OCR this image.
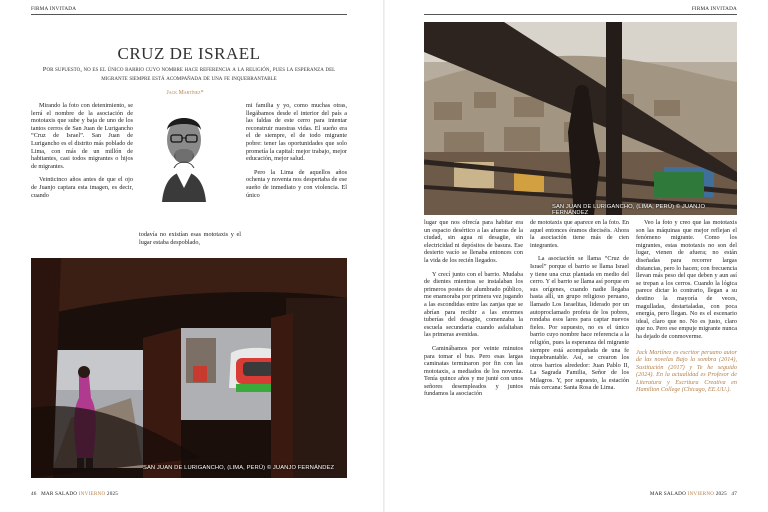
FIRMA INVITADA	FIRMA INVITADA
CRUZ DE ISRAEL
Por supuesto, no es el único barrio cuyo nombre hace referencia a la religión, pues la esperanza del migrante siempre está acompañada de una fe inquebrantable
Jack Martínez*

Mirando la foto con detenimiento, se lerrá el nombre de la asociación de mototaxis que sube y baja de uno de los tantos cerros de San Juan de Lurigancho “Cruz de Israel”. San Juan de Lurigancho es el distrito más poblado de Lima, con más de un millón de habitantes, casi todos migrantes o hijos de migrantes.

Veinticinco años antes de que el ojo de Juanjo captara esta imagen, es decir, cuando

todavía no existían esas mototaxis y el lugar estaba despoblado,

mi familia y yo, como muchas otras, llegábamos desde el interior del país a las faldas de este cerro para intentar reconstruir nuestras vidas. El sueño era el de siempre, el de todo migrante pobre: tener las oportunidades que solo prometía la capital: mejor trabajo, mejor educación, mejor salud.

Pero la Lima de aquellos años ochenta y noventa nos despertaba de ese sueño de inmediato y con violencia. El único

SAN JUAN DE LURIGANCHO, (LIMA, PERÚ) © JUANJO FERNÁNDEZ
46 MAR SALADO INVIERNO 2025
SAN JUAN DE LURIGANCHO, (LIMA, PERÚ) © JUANJO FERNÁNDEZ

lugar que nos ofrecía para habitar era un espacio desértico a las afueras de la ciudad, sin agua ni desagüe, sin electricidad ni depósitos de basura. Ese desierto vacío se llenaba entonces con la vida de los recién llegados.

Y crecí junto con el barrio. Mudaba de dientes mientras se instalaban los primeros postes de alumbrado público, me enamoraba por primera vez jugando a las escondidas entre las zanjas que se abrían para recibir a las enormes tuberías del desagüe, comenzaba la escuela secundaria cuando asfaltaban las primeras avenidas.

Caminábamos por veinte minutos para tomar el bus. Pero esas largas caminatas terminaron por fin con las mototaxis, a mediados de los noventa. Tenía quince años y me junté con unos señores desempleados y juntos fundamos la asociación

de mototaxis que aparece en la foto. En aquel entonces éramos dieciséis. Ahora la asociación tiene más de cien integrantes.

La asociación se llama “Cruz de Israel” porque el barrio se llama Israel y tiene una cruz plantada en medio del cerro. Y el barrio se llama así porque en sus orígenes, cuando nadie llegaba hasta allí, un grupo religioso peruano, llamado Los Israelitas, liderado por un autoproclamado profeta de los pobres, rondaba esos lares para captar nuevos fieles. Por supuesto, no es el único barrio cuyo nombre hace referencia a la religión, pues la esperanza del migrante siempre está acompañada de una fe inquebrantable. Así, se crearon los otros barrios alrededor: Juan Pablo II, La Sagrada Familia, Señor de los Milagros. Y, por supuesto, la estación más cercana: Santa Rosa de Lima.

Veo la foto y creo que las mototaxis son las máquinas que mejor reflejan el fenómeno migrante. Como los migrantes, estas mototaxis no son del lugar, vienen de afuera; no están diseñadas para recorrer largas distancias, pero lo hacen; con frecuencia llevan más peso del que deben y aun así se trepan a los cerros. Cuando la lógica parece dictar lo contrario, llegan a su destino la mayoría de veces, magulladas, destartaladas, con poca energía, pero llegan. No es el escenario ideal, claro que no. No es justo, claro que no. Pero ese empuje migrante nunca ha dejado de conmoverme.

Jack Martínez es escritor peruano autor de las novelas Bajo la sombra (2014), Sustitución (2017) y Te he seguido (2024). En la actualidad es Profesor de Literatura y Escritura Creativa en Hamilton College (Chicago, EE.UU.).

MAR SALADO INVIERNO 2025 47
